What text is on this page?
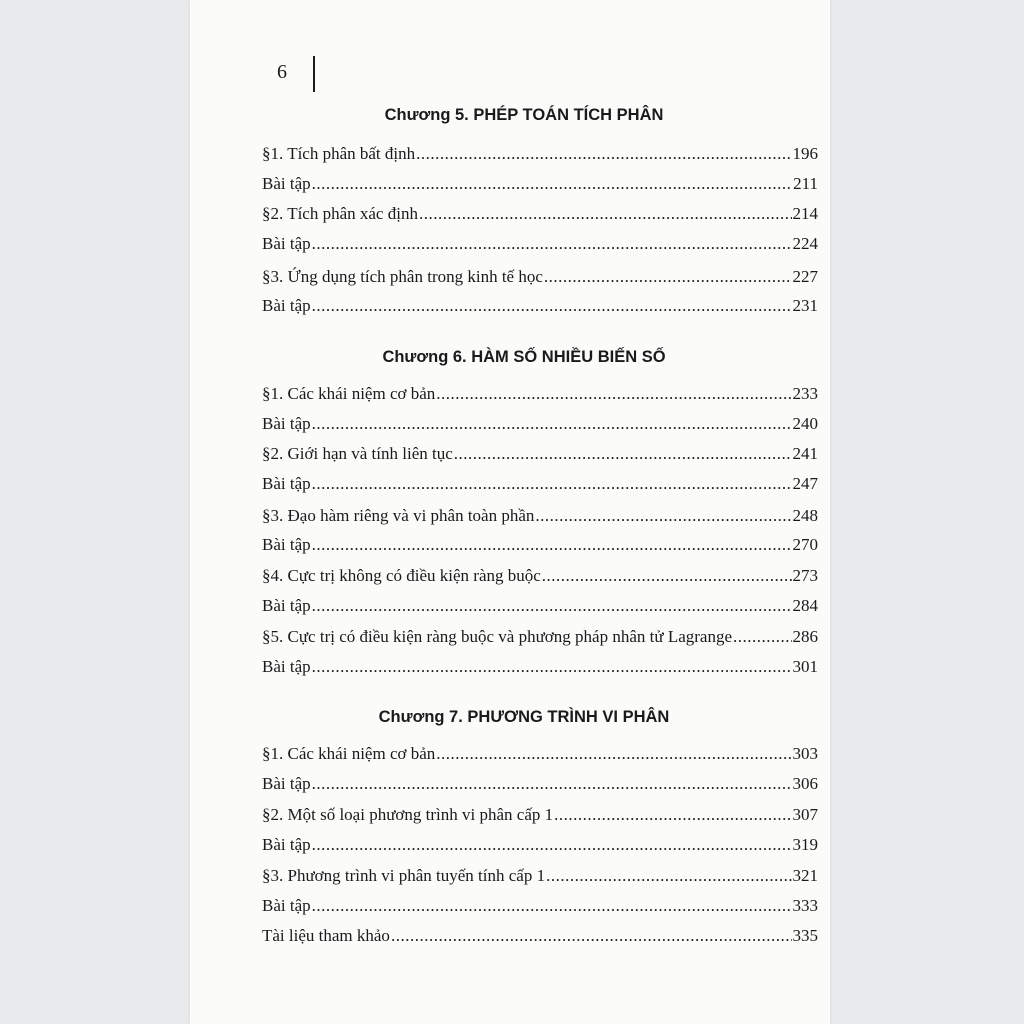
6
Chương 5. PHÉP TOÁN TÍCH PHÂN
§1. Tích phân bất định .....	196
Bài tập .....	211
§2. Tích phân xác định .....	214
Bài tập .....	224
§3. Ứng dụng tích phân trong kinh tế học .....	227
Bài tập .....	231
Chương 6. HÀM SỐ NHIỀU BIẾN SỐ
§1. Các khái niệm cơ bản .....	233
Bài tập .....	240
§2. Giới hạn và tính liên tục .....	241
Bài tập .....	247
§3. Đạo hàm riêng và vi phân toàn phần .....	248
Bài tập .....	270
§4. Cực trị không có điều kiện ràng buộc .....	273
Bài tập .....	284
§5. Cực trị có điều kiện ràng buộc và phương pháp nhân tử Lagrange .....	286
Bài tập .....	301
Chương 7. PHƯƠNG TRÌNH VI PHÂN
§1. Các khái niệm cơ bản .....	303
Bài tập .....	306
§2. Một số loại phương trình vi phân cấp 1 .....	307
Bài tập .....	319
§3. Phương trình vi phân tuyến tính cấp 1 .....	321
Bài tập .....	333
Tài liệu tham khảo .....	335
